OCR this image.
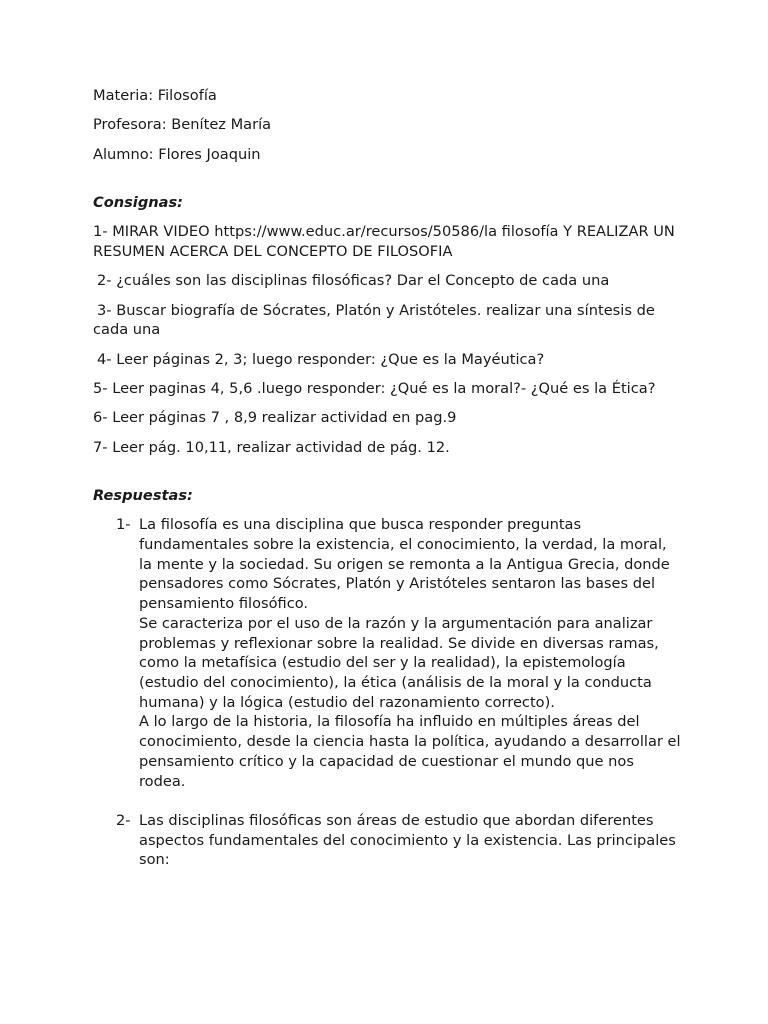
Materia: Filosofía

Profesora: Benítez María

Alumno: Flores Joaquin

Consignas:

1- MIRAR VIDEO https://www.educ.ar/recursos/50586/la filosofía Y REALIZAR UN RESUMEN ACERCA DEL CONCEPTO DE FILOSOFIA

2- ¿cuáles son las disciplinas filosóficas? Dar el Concepto de cada una

3- Buscar biografía de Sócrates, Platón y Aristóteles. realizar una síntesis de cada una

4- Leer páginas 2, 3; luego responder: ¿Que es la Mayéutica?

5- Leer paginas 4, 5,6 .luego responder: ¿Qué es la moral?- ¿Qué es la Ética?

6- Leer páginas 7 , 8,9 realizar actividad en pag.9

7- Leer pág. 10,11, realizar actividad de pág. 12.

Respuestas:

1- La filosofía es una disciplina que busca responder preguntas fundamentales sobre la existencia, el conocimiento, la verdad, la moral, la mente y la sociedad. Su origen se remonta a la Antigua Grecia, donde pensadores como Sócrates, Platón y Aristóteles sentaron las bases del pensamiento filosófico.

Se caracteriza por el uso de la razón y la argumentación para analizar problemas y reflexionar sobre la realidad. Se divide en diversas ramas, como la metafísica (estudio del ser y la realidad), la epistemología (estudio del conocimiento), la ética (análisis de la moral y la conducta humana) y la lógica (estudio del razonamiento correcto).

A lo largo de la historia, la filosofía ha influido en múltiples áreas del conocimiento, desde la ciencia hasta la política, ayudando a desarrollar el pensamiento crítico y la capacidad de cuestionar el mundo que nos rodea.

2- Las disciplinas filosóficas son áreas de estudio que abordan diferentes aspectos fundamentales del conocimiento y la existencia. Las principales son:
